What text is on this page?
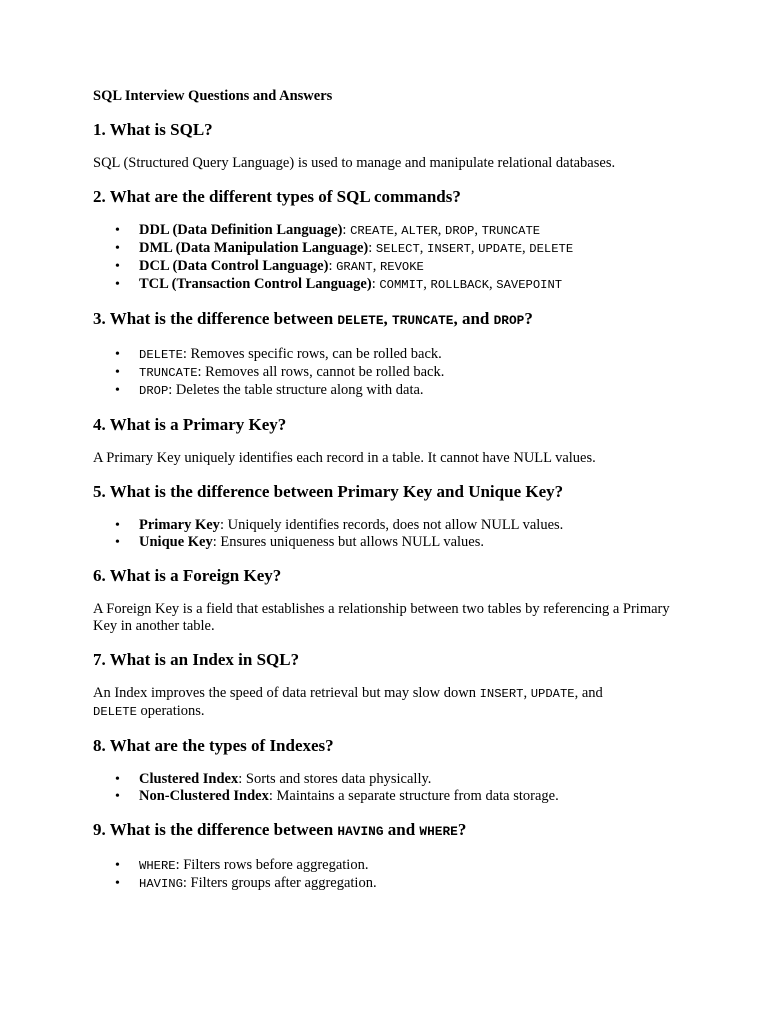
SQL Interview Questions and Answers
1. What is SQL?

SQL (Structured Query Language) is used to manage and manipulate relational databases.

2. What are the different types of SQL commands?
• DDL (Data Definition Language): CREATE, ALTER, DROP, TRUNCATE
• DML (Data Manipulation Language): SELECT, INSERT, UPDATE, DELETE
• DCL (Data Control Language): GRANT, REVOKE
• TCL (Transaction Control Language): COMMIT, ROLLBACK, SAVEPOINT
3. What is the difference between DELETE, TRUNCATE, and DROP?
• DELETE: Removes specific rows, can be rolled back.
• TRUNCATE: Removes all rows, cannot be rolled back.
• DROP: Deletes the table structure along with data.
4. What is a Primary Key?

A Primary Key uniquely identifies each record in a table. It cannot have NULL values.

5. What is the difference between Primary Key and Unique Key?
• Primary Key: Uniquely identifies records, does not allow NULL values.
• Unique Key: Ensures uniqueness but allows NULL values.
6. What is a Foreign Key?

A Foreign Key is a field that establishes a relationship between two tables by referencing a Primary Key in another table.

7. What is an Index in SQL?

An Index improves the speed of data retrieval but may slow down INSERT, UPDATE, and
DELETE operations.

8. What are the types of Indexes?
• Clustered Index: Sorts and stores data physically.
• Non-Clustered Index: Maintains a separate structure from data storage.
9. What is the difference between HAVING and WHERE?
• WHERE: Filters rows before aggregation.
• HAVING: Filters groups after aggregation.
